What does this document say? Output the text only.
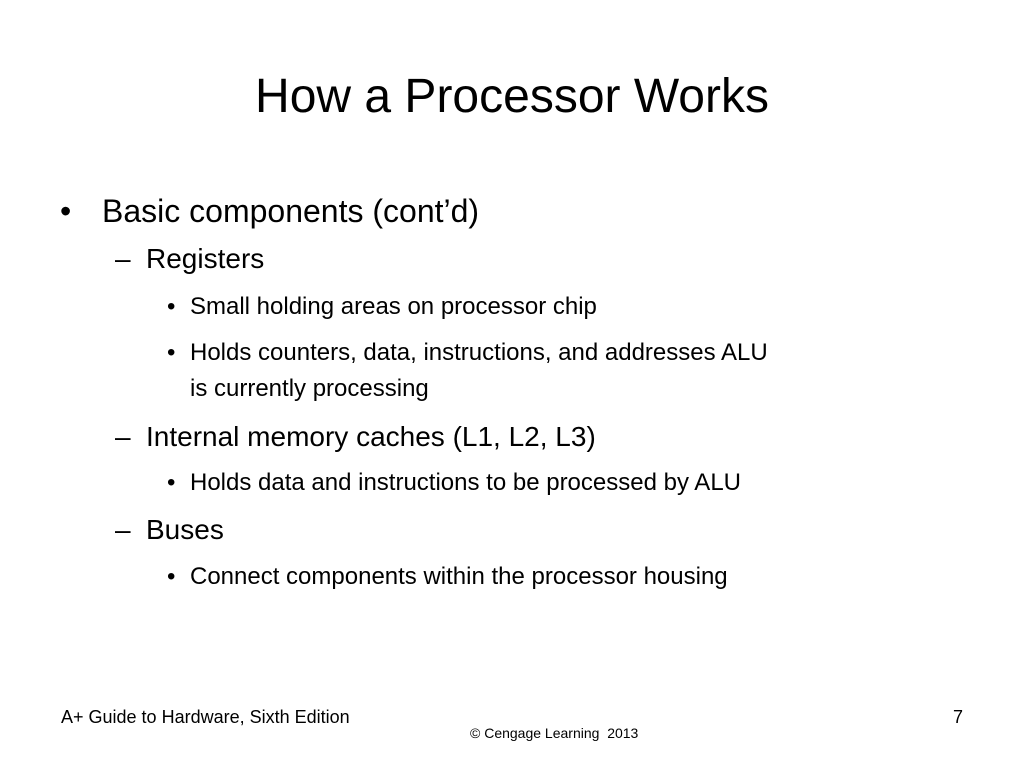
How a Processor Works
• Basic components (cont’d)
– Registers
• Small holding areas on processor chip
• Holds counters, data, instructions, and addresses ALU
is currently processing
– Internal memory caches (L1, L2, L3)
• Holds data and instructions to be processed by ALU
– Buses
• Connect components within the processor housing
A+ Guide to Hardware, Sixth Edition	7
© Cengage Learning  2013
